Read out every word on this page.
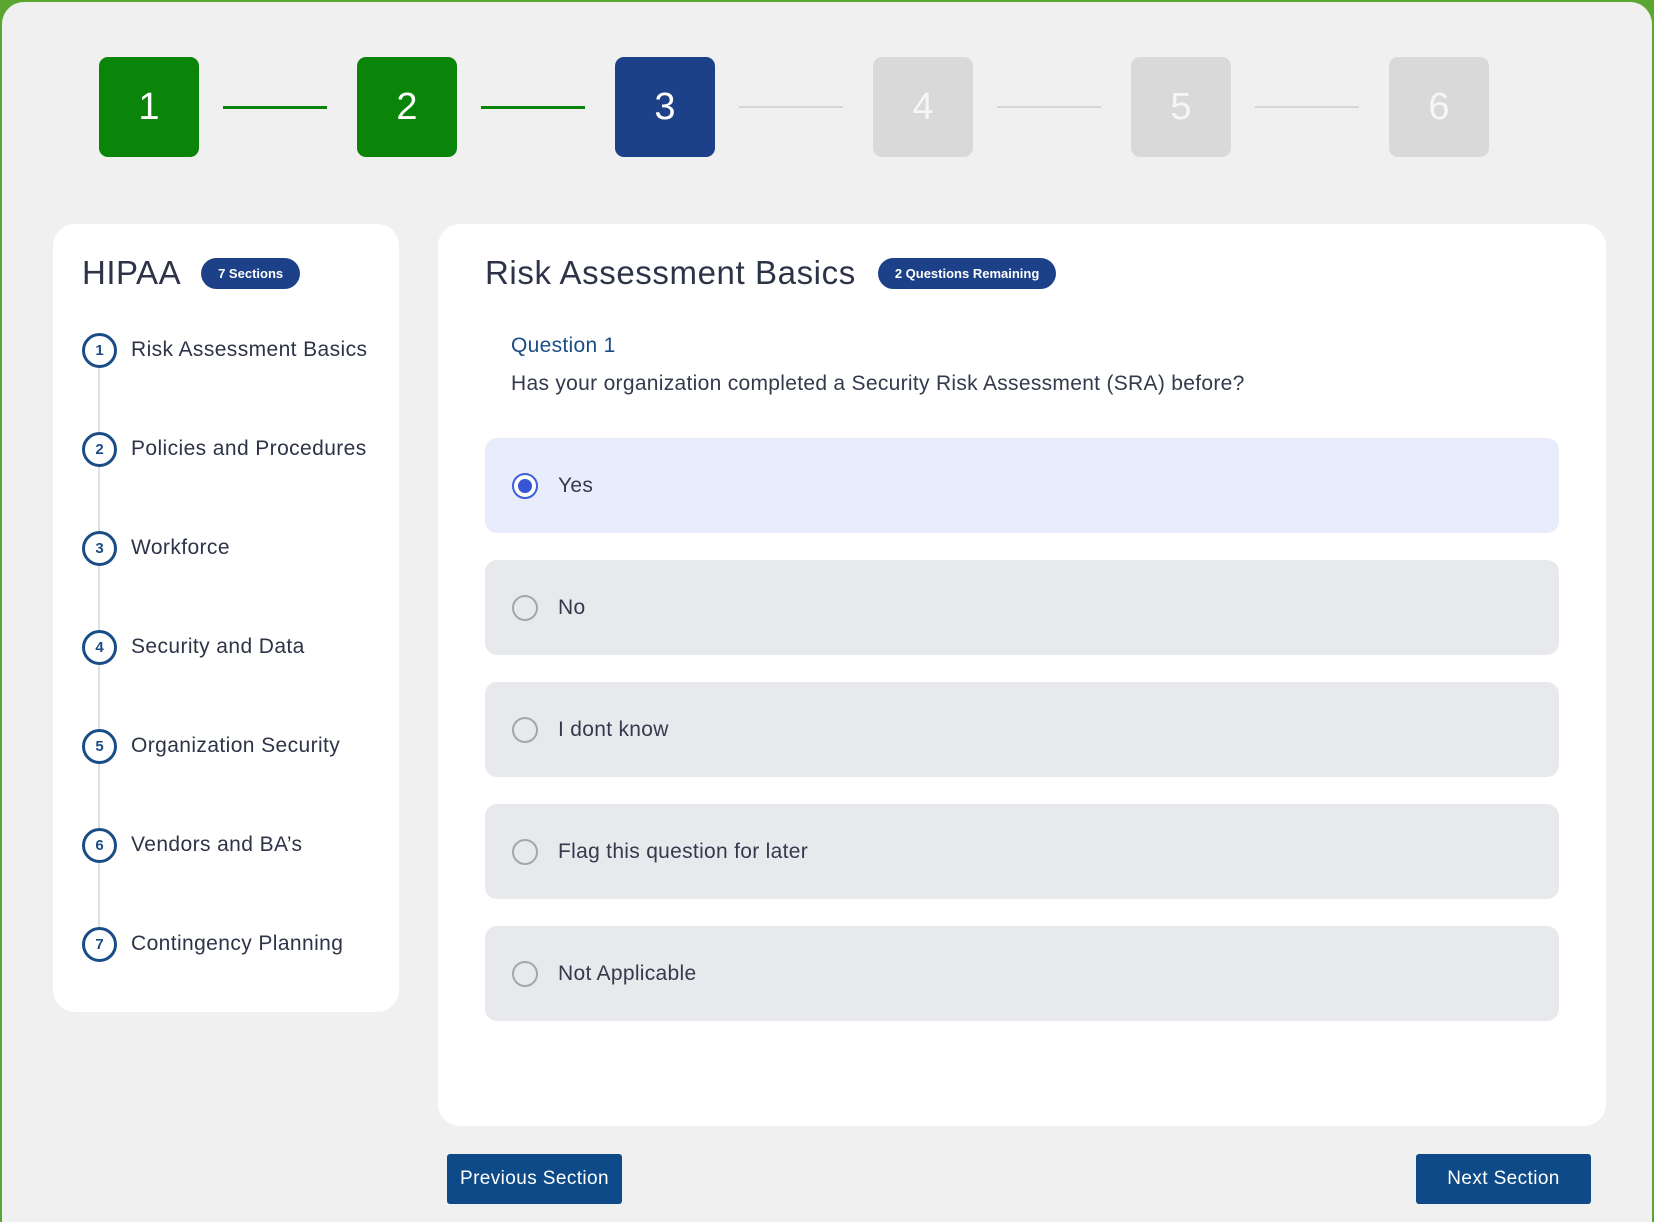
1	2	3	4	5	6
HIPAA	7 Sections
1	Risk Assessment Basics
2	Policies and Procedures
3	Workforce
4	Security and Data
5	Organization Security
6	Vendors and BA’s
7	Contingency Planning
Risk Assessment Basics	2 Questions Remaining
Question 1
Has your organization completed a Security Risk Assessment (SRA) before?
Yes
No
I dont know
Flag this question for later
Not Applicable
Previous Section	Next Section
